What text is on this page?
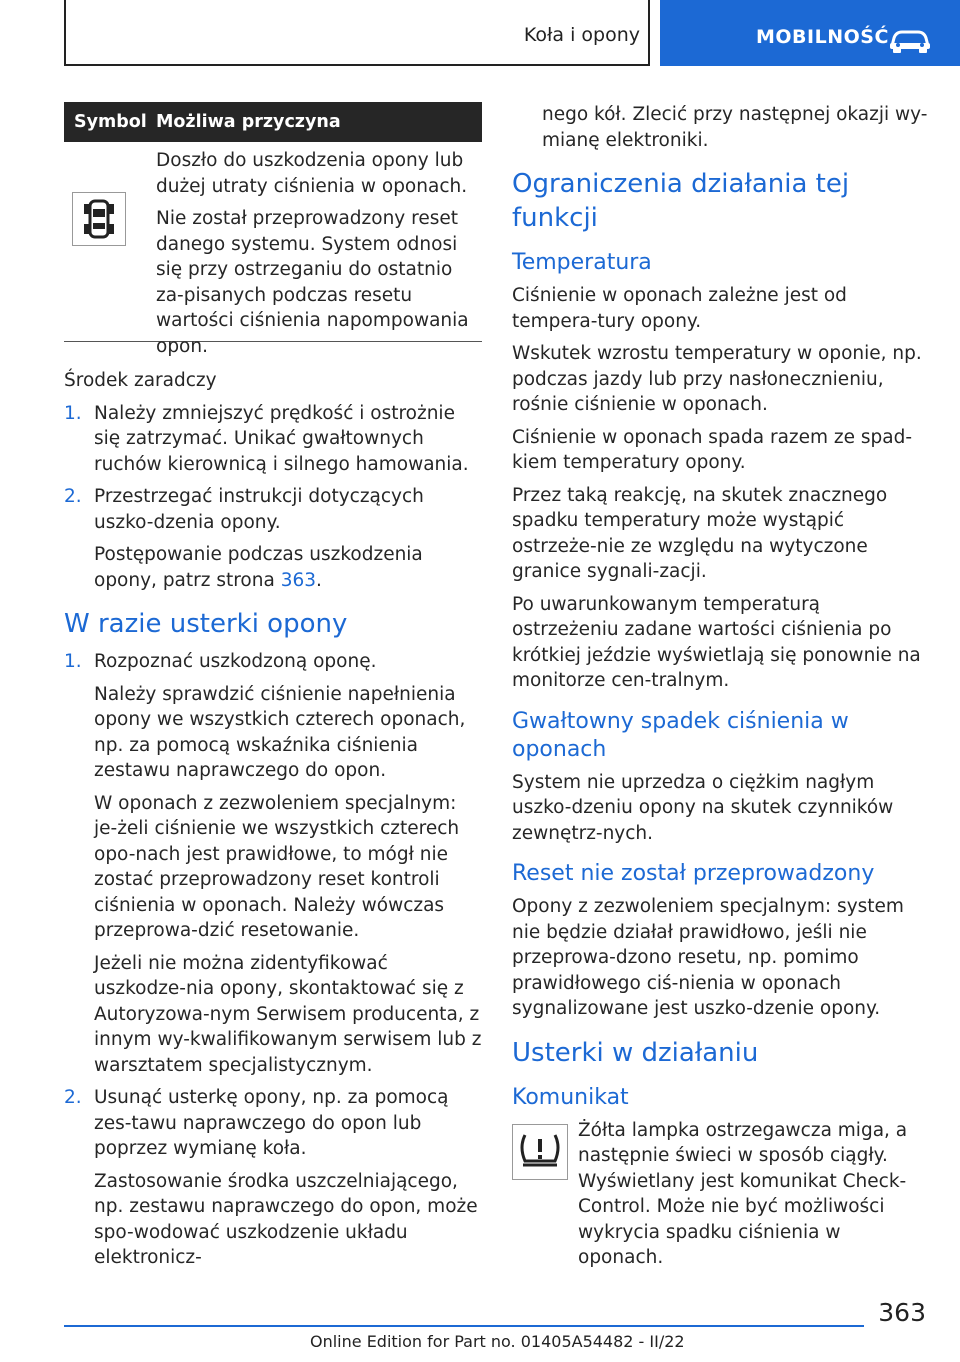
Koła i opony	MOBILNOŚĆ
Symbol Możliwa przyczyna

Doszło do uszkodzenia opony lub dużej utraty ciśnienia w oponach.

Nie został przeprowadzony reset danego systemu. System odnosi się przy ostrzeganiu do ostatnio za-pisanych podczas resetu wartości ciśnienia napompowania opon.

Środek zaradczy

1. Należy zmniejszyć prędkość i ostrożnie się zatrzymać. Unikać gwałtownych ruchów kierownicą i silnego hamowania.
2. Przestrzegać instrukcji dotyczących uszko-dzenia opony.

Postępowanie podczas uszkodzenia opony, patrz strona 363.

W razie usterki opony
1. Rozpoznać uszkodzoną oponę.

Należy sprawdzić ciśnienie napełnienia opony we wszystkich czterech oponach, np. za pomocą wskaźnika ciśnienia zestawu naprawczego do opon.

W oponach z zezwoleniem specjalnym: je-żeli ciśnienie we wszystkich czterech opo-nach jest prawidłowe, to mógł nie zostać przeprowadzony reset kontroli ciśnienia w oponach. Należy wówczas przeprowa-dzić resetowanie.

Jeżeli nie można zidentyfikować uszkodze-nia opony, skontaktować się z Autoryzowa-nym Serwisem producenta, z innym wy-kwalifikowanym serwisem lub z warsztatem specjalistycznym.

2. Usunąć usterkę opony, np. za pomocą zes-tawu naprawczego do opon lub poprzez wymianę koła.

Zastosowanie środka uszczelniającego, np. zestawu naprawczego do opon, może spo-wodować uszkodzenie układu elektronicz-

nego kół. Zlecić przy następnej okazji wy-mianę elektroniki.

Ograniczenia działania tej funkcji
Temperatura

Ciśnienie w oponach zależne jest od tempera-tury opony.

Wskutek wzrostu temperatury w oponie, np. podczas jazdy lub przy nasłonecznieniu, rośnie ciśnienie w oponach.

Ciśnienie w oponach spada razem ze spad-kiem temperatury opony.

Przez taką reakcję, na skutek znacznego spadku temperatury może wystąpić ostrzeże-nie ze względu na wytyczone granice sygnali-zacji.

Po uwarunkowanym temperaturą ostrzeżeniu zadane wartości ciśnienia po krótkiej jeździe wyświetlają się ponownie na monitorze cen-tralnym.

Gwałtowny spadek ciśnienia w oponach

System nie uprzedza o ciężkim nagłym uszko-dzeniu opony na skutek czynników zewnętrz-nych.

Reset nie został przeprowadzony

Opony z zezwoleniem specjalnym: system nie będzie działał prawidłowo, jeśli nie przeprowa-dzono resetu, np. pomimo prawidłowego ciś-nienia w oponach sygnalizowane jest uszko-dzenie opony.

Usterki w działaniu
Komunikat

Żółta lampka ostrzegawcza miga, a następnie świeci w sposób ciągły. Wyświetlany jest komunikat Check-Control. Może nie być możliwości wykrycia spadku ciśnienia w oponach.

363
Online Edition for Part no. 01405A54482 - II/22
